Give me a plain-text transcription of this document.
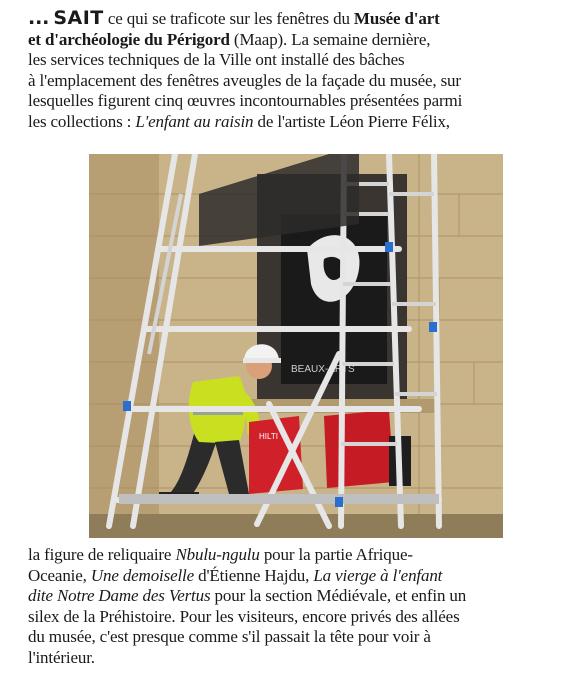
... SAIT ce qui se traficote sur les fenêtres du Musée d'art
et d'archéologie du Périgord (Maap). La semaine dernière,
les services techniques de la Ville ont installé des bâches
à l'emplacement des fenêtres aveugles de la façade du musée, sur
lesquelles figurent cinq œuvres incontournables présentées parmi
les collections : L'enfant au raisin de l'artiste Léon Pierre Félix,
BEAUX-ARTS
HILTI
la figure de reliquaire Nbulu-ngulu pour la partie Afrique-
Oceanie, Une demoiselle d'Étienne Hajdu, La vierge à l'enfant
dite Notre Dame des Vertus pour la section Médiévale, et enfin un
silex de la Préhistoire. Pour les visiteurs, encore privés des allées
du musée, c'est presque comme s'il passait la tête pour voir à
l'intérieur.
